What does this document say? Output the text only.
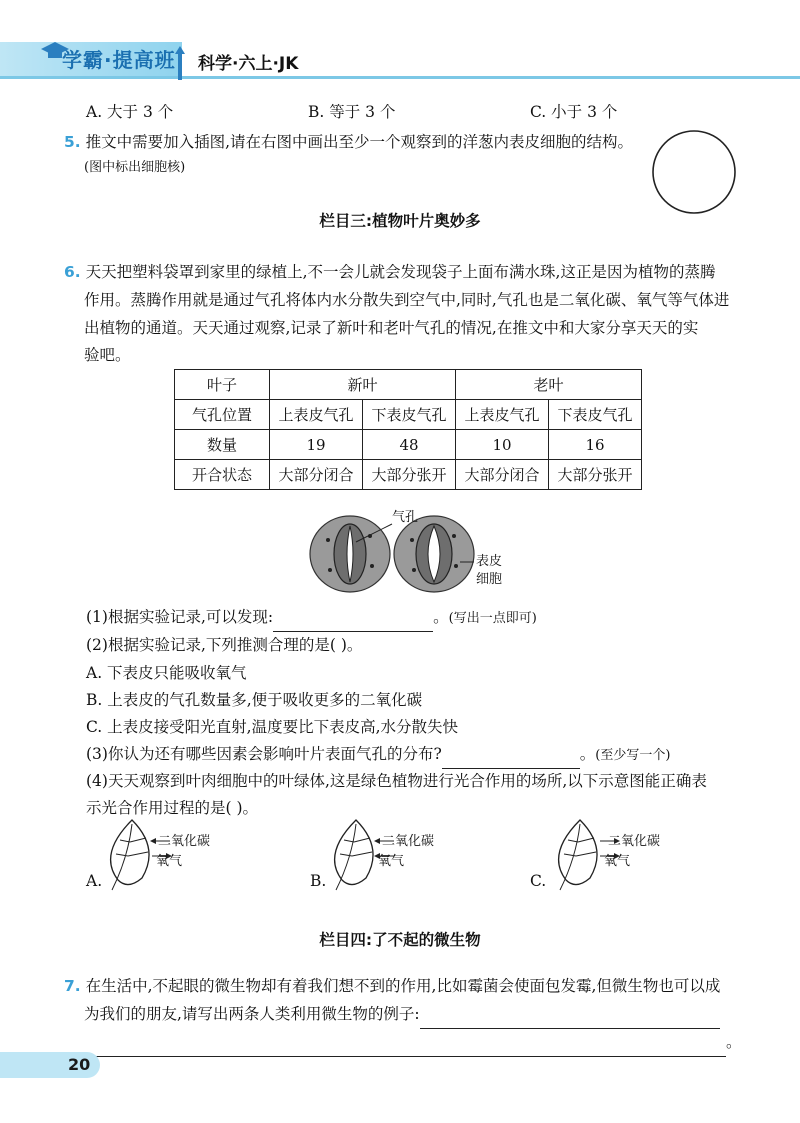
学霸·提高班 科学·六上·JK
A. 大于 3 个	B. 等于 3 个	C. 小于 3 个
5. 推文中需要加入插图,请在右图中画出至少一个观察到的洋葱内表皮细胞的结构。
(图中标出细胞核)
栏目三:植物叶片奥妙多
6. 天天把塑料袋罩到家里的绿植上,不一会儿就会发现袋子上面布满水珠,这正是因为植物的蒸腾
作用。蒸腾作用就是通过气孔将体内水分散失到空气中,同时,气孔也是二氧化碳、氧气等气体进
出植物的通道。天天通过观察,记录了新叶和老叶气孔的情况,在推文中和大家分享天天的实
验吧。
叶子	新叶		老叶	
气孔位置	上表皮气孔	下表皮气孔	上表皮气孔	下表皮气孔
数量	19	48	10	16
开合状态	大部分闭合	大部分张开	大部分闭合	大部分张开
气孔
表皮
细胞
(1)根据实验记录,可以发现:	。(写出一点即可)
(2)根据实验记录,下列推测合理的是( )。
A. 下表皮只能吸收氧气
B. 上表皮的气孔数量多,便于吸收更多的二氧化碳
C. 上表皮接受阳光直射,温度要比下表皮高,水分散失快
(3)你认为还有哪些因素会影响叶片表面气孔的分布?	。(至少写一个)
(4)天天观察到叶肉细胞中的叶绿体,这是绿色植物进行光合作用的场所,以下示意图能正确表
示光合作用过程的是( )。
二氧化碳
氧气
A.
二氧化碳
氧气
B.
二氧化碳
氧气
C.
栏目四:了不起的微生物
7. 在生活中,不起眼的微生物却有着我们想不到的作用,比如霉菌会使面包发霉,但微生物也可以成
为我们的朋友,请写出两条人类利用微生物的例子:
。
20
